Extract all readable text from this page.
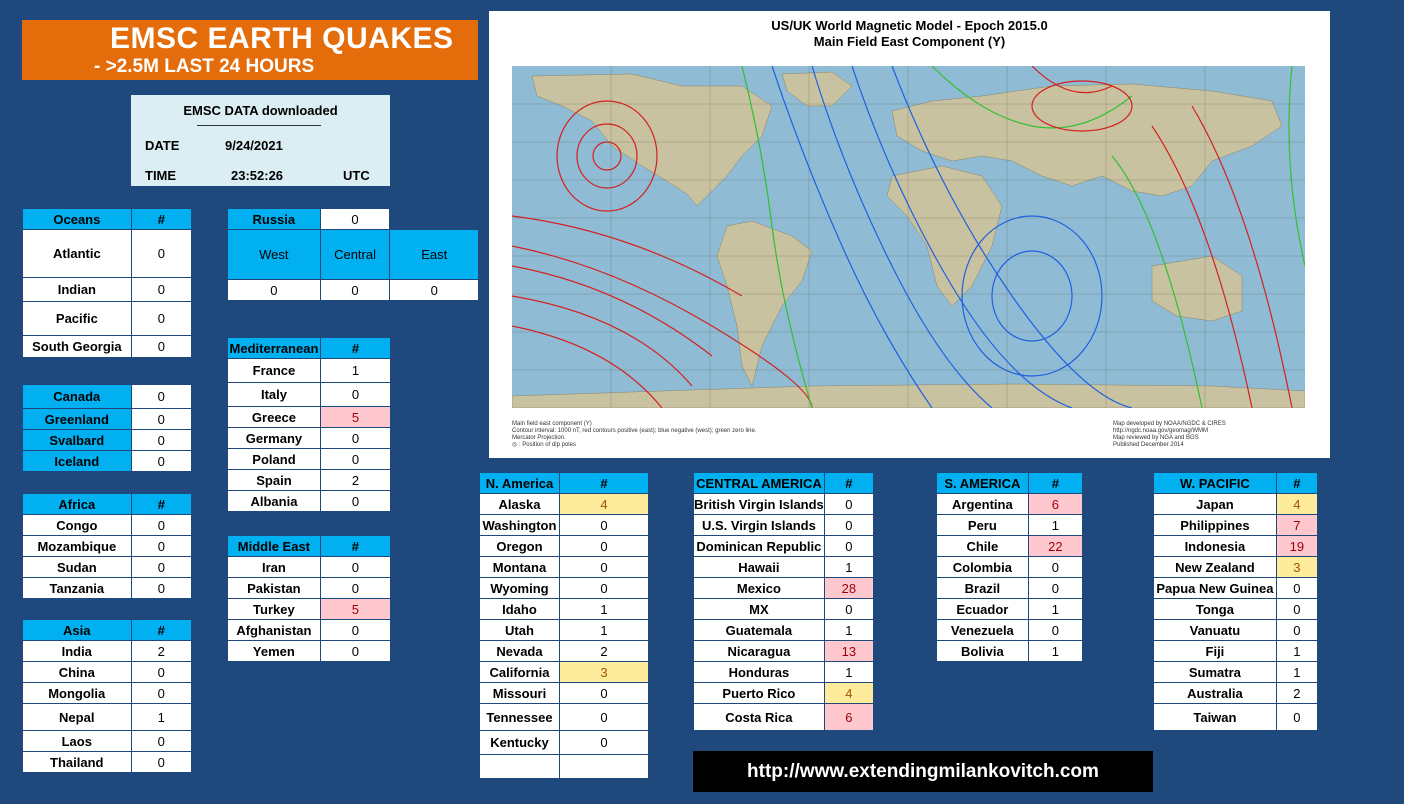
EMSC EARTH QUAKES
- >2.5M LAST 24 HOURS
EMSC DATA downloaded
DATE	9/24/2021
TIME	23:52:26	UTC
Oceans	#
Atlantic	0
Indian	0
Pacific	0
South Georgia	0
Canada	0
Greenland	0
Svalbard	0
Iceland	0
Africa	#
Congo	0
Mozambique	0
Sudan	0
Tanzania	0
Asia	#
India	2
China	0
Mongolia	0
Nepal	1
Laos	0
Thailand	0
Russia	0	
West	Central	East
0	0	0
Mediterranean	#
France	1
Italy	0
Greece	5
Germany	0
Poland	0
Spain	2
Albania	0
Middle East	#
Iran	0
Pakistan	0
Turkey	5
Afghanistan	0
Yemen	0
US/UK World Magnetic Model - Epoch 2015.0
Main Field East Component (Y)
Main field east component (Y)
Contour interval: 1000 nT, red contours positive (east); blue negative (west); green zero line.
Mercator Projection.
◎ : Position of dip poles
Map developed by NOAA/NGDC & CIRES
http://ngdc.noaa.gov/geomag/WMM
Map reviewed by NGA and BGS
Published December 2014
N. America	#
Alaska	4
Washington	0
Oregon	0
Montana	0
Wyoming	0
Idaho	1
Utah	1
Nevada	2
California	3
Missouri	0
Tennessee	0
Kentucky	0

CENTRAL AMERICA	#
British Virgin Islands	0
U.S. Virgin Islands	0
Dominican Republic	0
Hawaii	1
Mexico	28
MX	0
Guatemala	1
Nicaragua	13
Honduras	1
Puerto Rico	4
Costa Rica	6
S. AMERICA	#
Argentina	6
Peru	1
Chile	22
Colombia	0
Brazil	0
Ecuador	1
Venezuela	0
Bolivia	1
W. PACIFIC	#
Japan	4
Philippines	7
Indonesia	19
New Zealand	3
Papua New Guinea	0
Tonga	0
Vanuatu	0
Fiji	1
Sumatra	1
Australia	2
Taiwan	0
http://www.extendingmilankovitch.com
